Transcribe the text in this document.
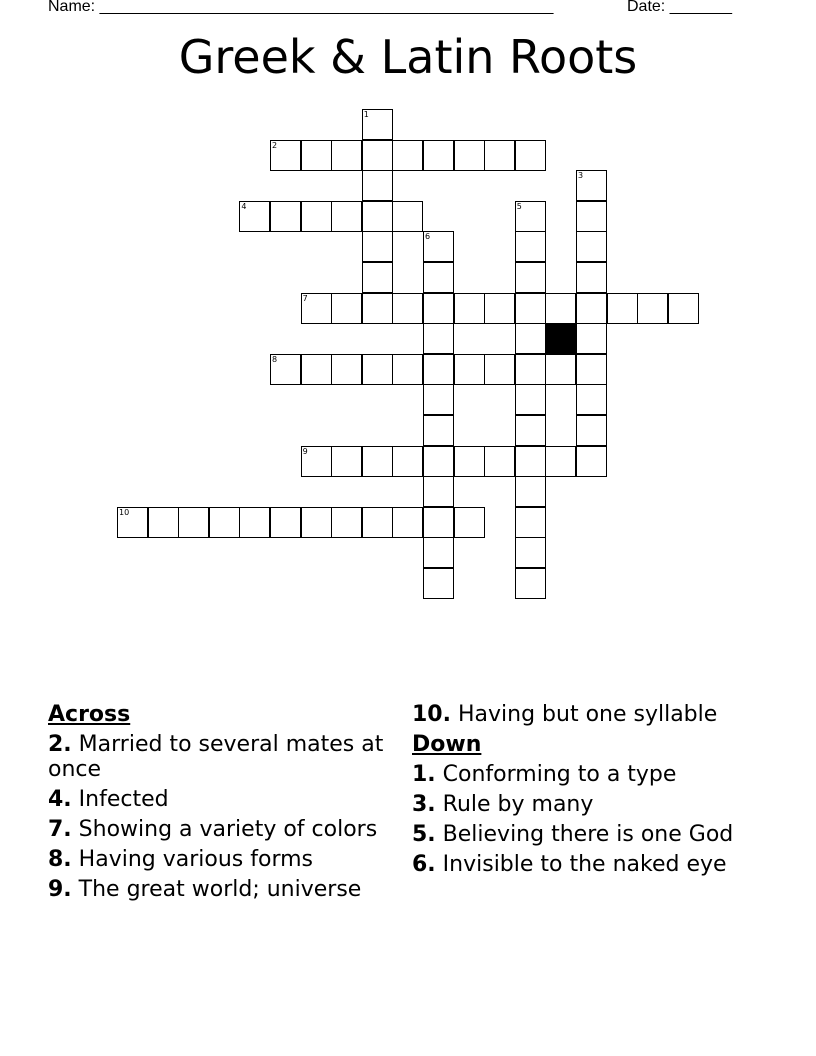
Name: ___________________________________________________	Date: _______
Greek & Latin Roots
1
2
3
4	5
6
7
8
9
10
Across
2. Married to several mates at once
4. Infected
7. Showing a variety of colors
8. Having various forms
9. The great world; universe
10. Having but one syllable
Down
1. Conforming to a type
3. Rule by many
5. Believing there is one God
6. Invisible to the naked eye
